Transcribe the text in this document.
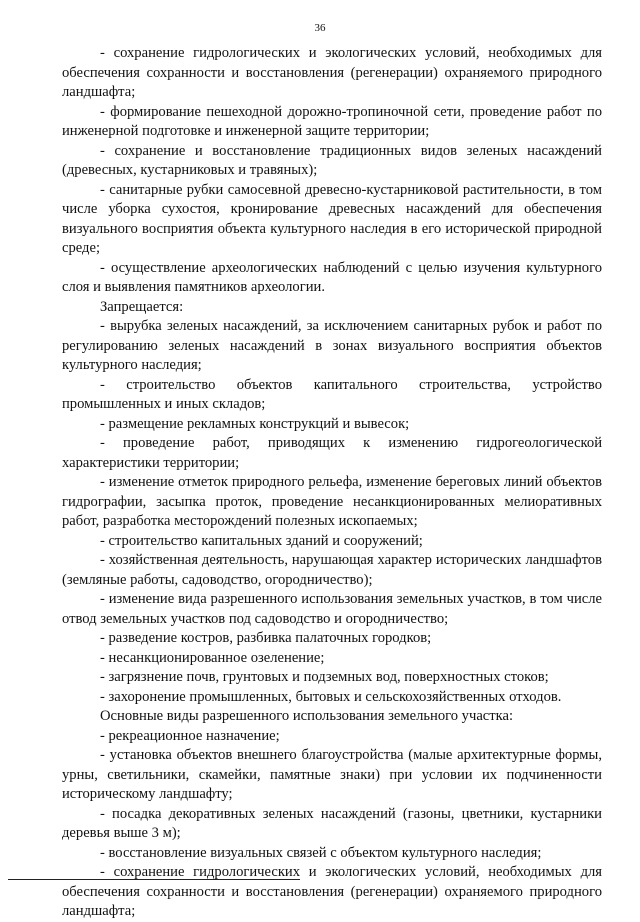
36

- сохранение гидрологических и экологических условий, необходимых для обеспечения сохранности и восстановления (регенерации) охраняемого природного ландшафта;

- формирование пешеходной дорожно-тропиночной сети, проведение работ по инженерной подготовке и инженерной защите территории;

- сохранение и восстановление традиционных видов зеленых насаждений (древесных, кустарниковых и травяных);

- санитарные рубки самосевной древесно-кустарниковой растительности, в том числе уборка сухостоя, кронирование древесных насаждений для обеспечения визуального восприятия объекта культурного наследия в его исторической природной среде;

- осуществление археологических наблюдений с целью изучения культурного слоя и выявления памятников археологии.

Запрещается:

- вырубка зеленых насаждений, за исключением санитарных рубок и работ по регулированию зеленых насаждений в зонах визуального восприятия объектов культурного наследия;

- строительство объектов капитального строительства, устройство промышленных и иных складов;

- размещение рекламных конструкций и вывесок;

- проведение работ, приводящих к изменению гидрогеологической характеристики территории;

- изменение отметок природного рельефа, изменение береговых линий объектов гидрографии, засыпка проток, проведение несанкционированных мелиоративных работ, разработка месторождений полезных ископаемых;

- строительство капитальных зданий и сооружений;

- хозяйственная деятельность, нарушающая характер исторических ландшафтов (земляные работы, садоводство, огородничество);

- изменение вида разрешенного использования земельных участков, в том числе отвод земельных участков под садоводство и огородничество;

- разведение костров, разбивка палаточных городков;

- несанкционированное озеленение;

- загрязнение почв, грунтовых и подземных вод, поверхностных стоков;

- захоронение промышленных, бытовых и сельскохозяйственных отходов.

Основные виды разрешенного использования земельного участка:

- рекреационное назначение;

- установка объектов внешнего благоустройства (малые архитектурные формы, урны, светильники, скамейки, памятные знаки) при условии их подчиненности историческому ландшафту;

- посадка декоративных зеленых насаждений (газоны, цветники, кустарники деревья выше 3 м);

- восстановление визуальных связей с объектом культурного наследия;

- сохранение гидрологических и экологических условий, необходимых для обеспечения сохранности и восстановления (регенерации) охраняемого природного ландшафта;
